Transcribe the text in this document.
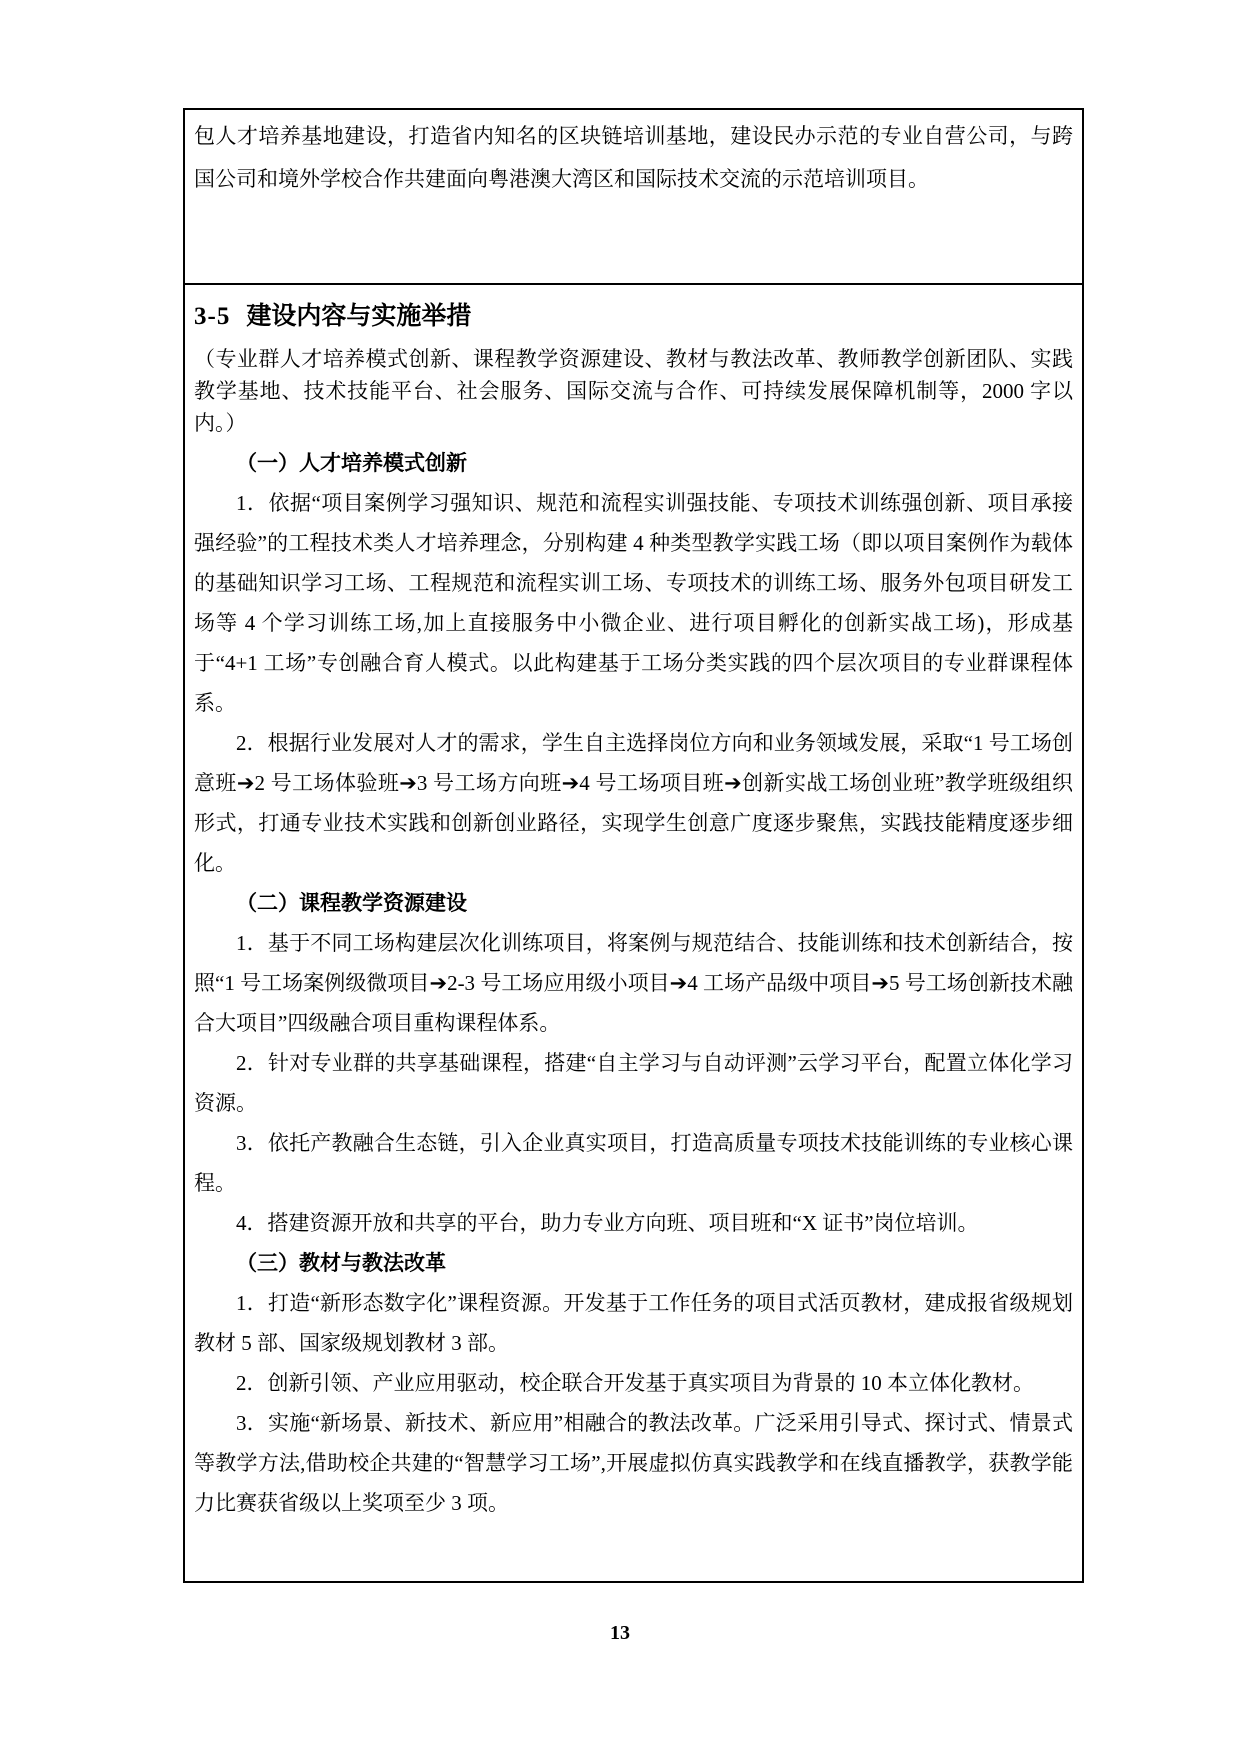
包人才培养基地建设，打造省内知名的区块链培训基地，建设民办示范的专业自营公司，与跨国公司和境外学校合作共建面向粤港澳大湾区和国际技术交流的示范培训项目。

3-5 建设内容与实施举措

（专业群人才培养模式创新、课程教学资源建设、教材与教法改革、教师教学创新团队、实践教学基地、技术技能平台、社会服务、国际交流与合作、可持续发展保障机制等，2000 字以内。）

（一）人才培养模式创新

1．依据“项目案例学习强知识、规范和流程实训强技能、专项技术训练强创新、项目承接强经验”的工程技术类人才培养理念，分别构建 4 种类型教学实践工场（即以项目案例作为载体的基础知识学习工场、工程规范和流程实训工场、专项技术的训练工场、服务外包项目研发工场等 4 个学习训练工场,加上直接服务中小微企业、进行项目孵化的创新实战工场)，形成基于“4+1 工场”专创融合育人模式。以此构建基于工场分类实践的四个层次项目的专业群课程体系。

2．根据行业发展对人才的需求，学生自主选择岗位方向和业务领域发展，采取“1 号工场创意班➔2 号工场体验班➔3 号工场方向班➔4 号工场项目班➔创新实战工场创业班”教学班级组织形式，打通专业技术实践和创新创业路径，实现学生创意广度逐步聚焦，实践技能精度逐步细化。

（二）课程教学资源建设

1．基于不同工场构建层次化训练项目，将案例与规范结合、技能训练和技术创新结合，按照“1 号工场案例级微项目➔2-3 号工场应用级小项目➔4 工场产品级中项目➔5 号工场创新技术融合大项目”四级融合项目重构课程体系。

2．针对专业群的共享基础课程，搭建“自主学习与自动评测”云学习平台，配置立体化学习资源。

3．依托产教融合生态链，引入企业真实项目，打造高质量专项技术技能训练的专业核心课程。

4．搭建资源开放和共享的平台，助力专业方向班、项目班和“X 证书”岗位培训。

（三）教材与教法改革

1．打造“新形态数字化”课程资源。开发基于工作任务的项目式活页教材，建成报省级规划教材 5 部、国家级规划教材 3 部。

2．创新引领、产业应用驱动，校企联合开发基于真实项目为背景的 10 本立体化教材。

3．实施“新场景、新技术、新应用”相融合的教法改革。广泛采用引导式、探讨式、情景式等教学方法,借助校企共建的“智慧学习工场”,开展虚拟仿真实践教学和在线直播教学，获教学能力比赛获省级以上奖项至少 3 项。

13
